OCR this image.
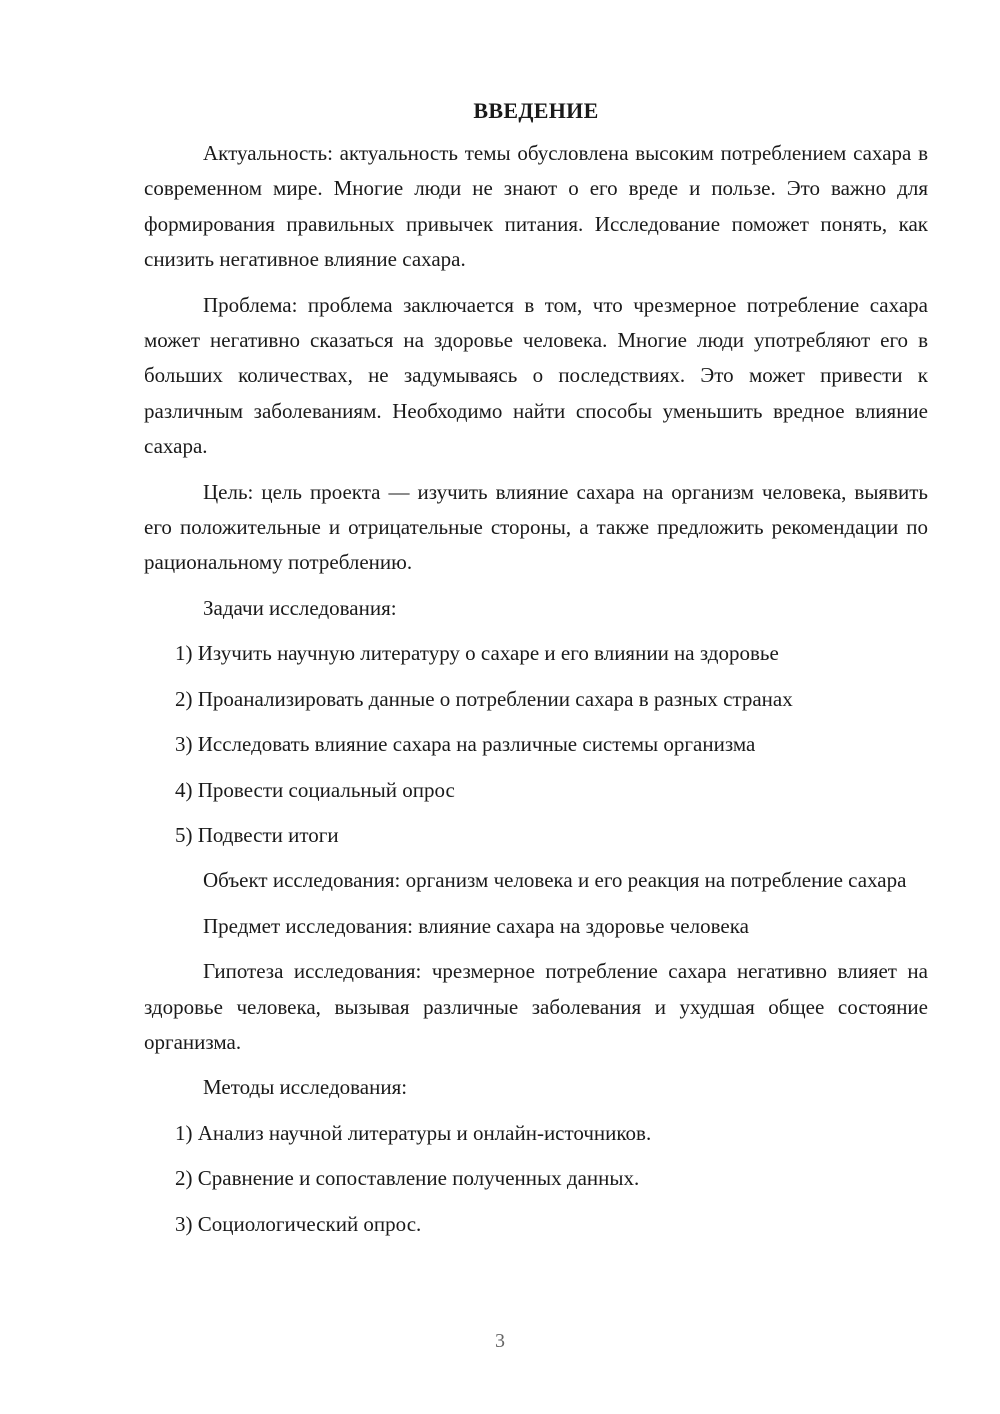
ВВЕДЕНИЕ

Актуальность: актуальность темы обусловлена высоким потреблением сахара в современном мире. Многие люди не знают о его вреде и пользе. Это важно для формирования правильных привычек питания. Исследование поможет понять, как снизить негативное влияние сахара.

Проблема: проблема заключается в том, что чрезмерное потребление сахара может негативно сказаться на здоровье человека. Многие люди употребляют его в больших количествах, не задумываясь о последствиях. Это может привести к различным заболеваниям. Необходимо найти способы уменьшить вредное влияние сахара.

Цель: цель проекта — изучить влияние сахара на организм человека, выявить его положительные и отрицательные стороны, а также предложить рекомендации по рациональному потреблению.

Задачи исследования:

1) Изучить научную литературу о сахаре и его влиянии на здоровье
2) Проанализировать данные о потреблении сахара в разных странах
3) Исследовать влияние сахара на различные системы организма
4) Провести социальный опрос
5) Подвести итоги

Объект исследования: организм человека и его реакция на потребление сахара

Предмет исследования: влияние сахара на здоровье человека

Гипотеза исследования: чрезмерное потребление сахара негативно влияет на здоровье человека, вызывая различные заболевания и ухудшая общее состояние организма.

Методы исследования:

1) Анализ научной литературы и онлайн-источников.
2) Сравнение и сопоставление полученных данных.
3) Социологический опрос.
3
